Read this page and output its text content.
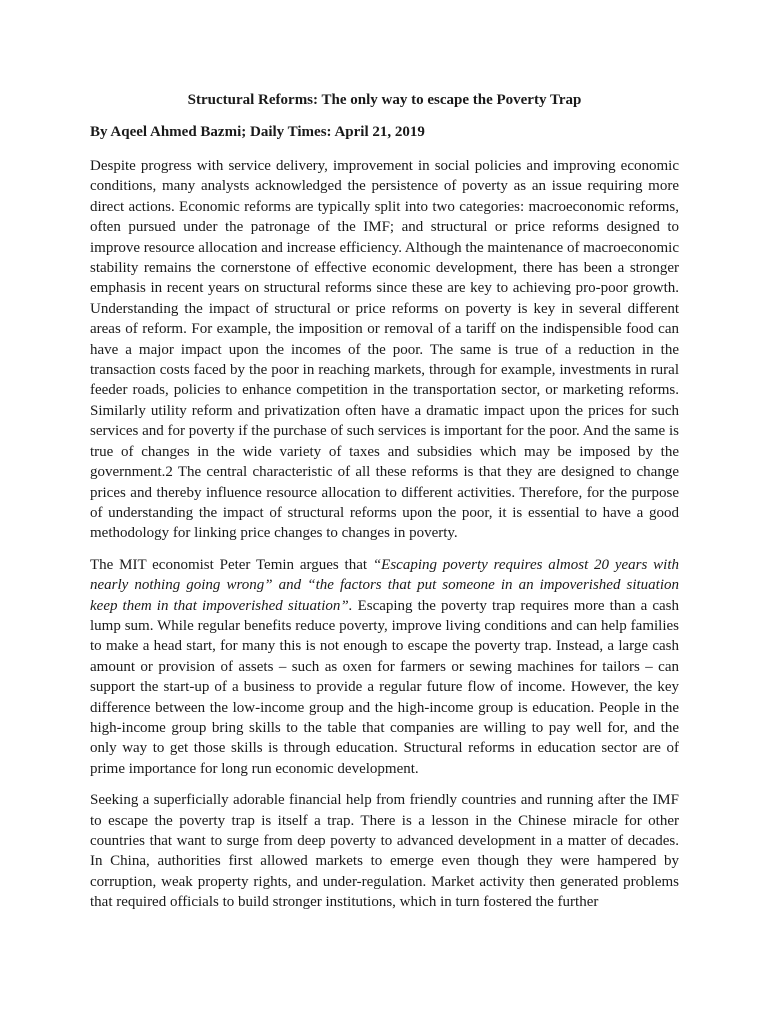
Structural Reforms: The only way to escape the Poverty Trap
By Aqeel Ahmed Bazmi; Daily Times: April 21, 2019

Despite progress with service delivery, improvement in social policies and improving economic conditions, many analysts acknowledged the persistence of poverty as an issue requiring more direct actions. Economic reforms are typically split into two categories: macroeconomic reforms, often pursued under the patronage of the IMF; and structural or price reforms designed to improve resource allocation and increase efficiency. Although the maintenance of macroeconomic stability remains the cornerstone of effective economic development, there has been a stronger emphasis in recent years on structural reforms since these are key to achieving pro-poor growth. Understanding the impact of structural or price reforms on poverty is key in several different areas of reform. For example, the imposition or removal of a tariff on the indispensible food can have a major impact upon the incomes of the poor. The same is true of a reduction in the transaction costs faced by the poor in reaching markets, through for example, investments in rural feeder roads, policies to enhance competition in the transportation sector, or marketing reforms. Similarly utility reform and privatization often have a dramatic impact upon the prices for such services and for poverty if the purchase of such services is important for the poor. And the same is true of changes in the wide variety of taxes and subsidies which may be imposed by the government.2 The central characteristic of all these reforms is that they are designed to change prices and thereby influence resource allocation to different activities. Therefore, for the purpose of understanding the impact of structural reforms upon the poor, it is essential to have a good methodology for linking price changes to changes in poverty.

The MIT economist Peter Temin argues that “Escaping poverty requires almost 20 years with nearly nothing going wrong” and “the factors that put someone in an impoverished situation keep them in that impoverished situation”. Escaping the poverty trap requires more than a cash lump sum. While regular benefits reduce poverty, improve living conditions and can help families to make a head start, for many this is not enough to escape the poverty trap. Instead, a large cash amount or provision of assets – such as oxen for farmers or sewing machines for tailors – can support the start-up of a business to provide a regular future flow of income. However, the key difference between the low-income group and the high-income group is education. People in the high-income group bring skills to the table that companies are willing to pay well for, and the only way to get those skills is through education. Structural reforms in education sector are of prime importance for long run economic development.

Seeking a superficially adorable financial help from friendly countries and running after the IMF to escape the poverty trap is itself a trap. There is a lesson in the Chinese miracle for other countries that want to surge from deep poverty to advanced development in a matter of decades. In China, authorities first allowed markets to emerge even though they were hampered by corruption, weak property rights, and under-regulation. Market activity then generated problems that required officials to build stronger institutions, which in turn fostered the further
